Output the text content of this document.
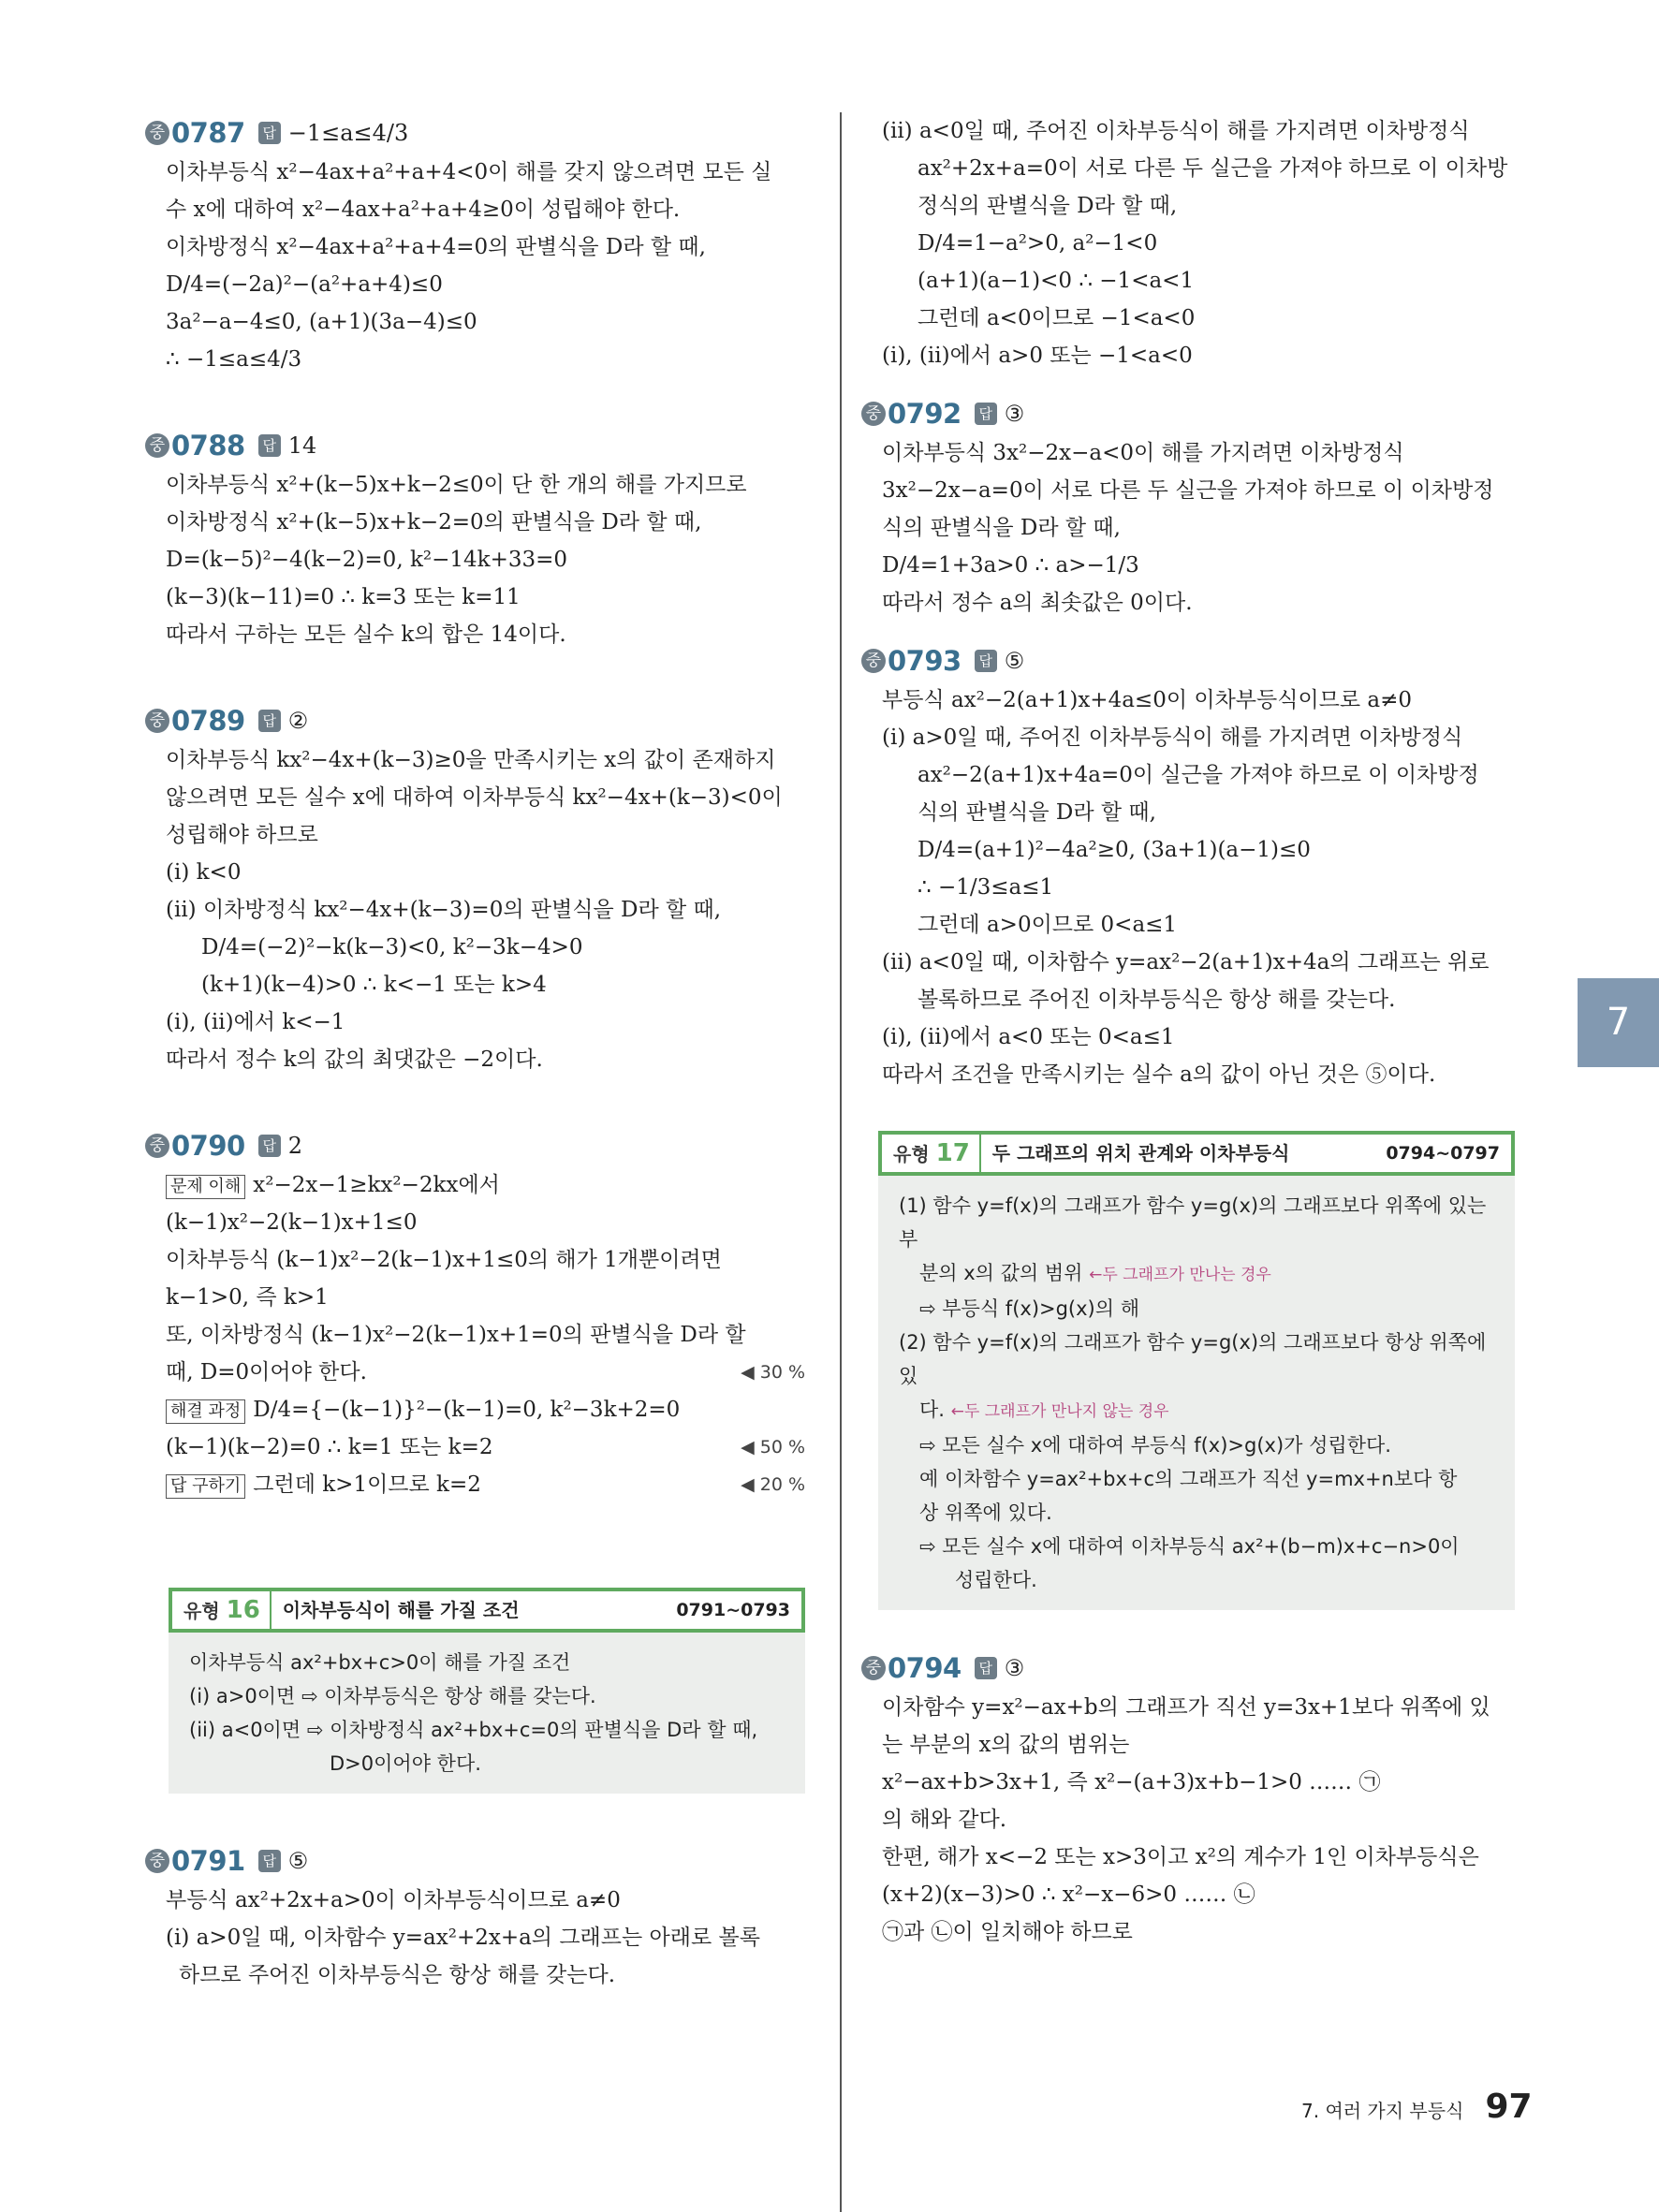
중 0787	답 −1≤a≤4/3
이차부등식 x²−4ax+a²+a+4<0이 해를 갖지 않으려면 모든 실
수 x에 대하여 x²−4ax+a²+a+4≥0이 성립해야 한다.
이차방정식 x²−4ax+a²+a+4=0의 판별식을 D라 할 때,
D/4=(−2a)²−(a²+a+4)≤0
3a²−a−4≤0, (a+1)(3a−4)≤0
∴ −1≤a≤4/3
중 0788	답 14
이차부등식 x²+(k−5)x+k−2≤0이 단 한 개의 해를 가지므로
이차방정식 x²+(k−5)x+k−2=0의 판별식을 D라 할 때,
D=(k−5)²−4(k−2)=0, k²−14k+33=0
(k−3)(k−11)=0 ∴ k=3 또는 k=11
따라서 구하는 모든 실수 k의 합은 14이다.
중 0789	답 ②
이차부등식 kx²−4x+(k−3)≥0을 만족시키는 x의 값이 존재하지
않으려면 모든 실수 x에 대하여 이차부등식 kx²−4x+(k−3)<0이
성립해야 하므로
(i) k<0
(ii) 이차방정식 kx²−4x+(k−3)=0의 판별식을 D라 할 때,
D/4=(−2)²−k(k−3)<0, k²−3k−4>0
(k+1)(k−4)>0 ∴ k<−1 또는 k>4
(i), (ii)에서 k<−1
따라서 정수 k의 값의 최댓값은 −2이다.
중 0790	답 2
문제 이해 x²−2x−1≥kx²−2kx에서
(k−1)x²−2(k−1)x+1≤0
이차부등식 (k−1)x²−2(k−1)x+1≤0의 해가 1개뿐이려면
k−1>0, 즉 k>1
또, 이차방정식 (k−1)x²−2(k−1)x+1=0의 판별식을 D라 할
때, D=0이어야 한다.	◀ 30 %
해결 과정 D/4={−(k−1)}²−(k−1)=0, k²−3k+2=0
(k−1)(k−2)=0 ∴ k=1 또는 k=2	◀ 50 %
답 구하기 그런데 k>1이므로 k=2	◀ 20 %
유형 16	이차부등식이 해를 가질 조건	0791~0793
이차부등식 ax²+bx+c>0이 해를 가질 조건
(i) a>0이면 ⇨ 이차부등식은 항상 해를 갖는다.
(ii) a<0이면 ⇨ 이차방정식 ax²+bx+c=0의 판별식을 D라 할 때,
D>0이어야 한다.
중 0791	답 ⑤
부등식 ax²+2x+a>0이 이차부등식이므로 a≠0
(i) a>0일 때, 이차함수 y=ax²+2x+a의 그래프는 아래로 볼록
하므로 주어진 이차부등식은 항상 해를 갖는다.
(ii) a<0일 때, 주어진 이차부등식이 해를 가지려면 이차방정식
ax²+2x+a=0이 서로 다른 두 실근을 가져야 하므로 이 이차방
정식의 판별식을 D라 할 때,
D/4=1−a²>0, a²−1<0
(a+1)(a−1)<0 ∴ −1<a<1
그런데 a<0이므로 −1<a<0
(i), (ii)에서 a>0 또는 −1<a<0
중 0792	답 ③
이차부등식 3x²−2x−a<0이 해를 가지려면 이차방정식
3x²−2x−a=0이 서로 다른 두 실근을 가져야 하므로 이 이차방정
식의 판별식을 D라 할 때,
D/4=1+3a>0 ∴ a>−1/3
따라서 정수 a의 최솟값은 0이다.
중 0793	답 ⑤
부등식 ax²−2(a+1)x+4a≤0이 이차부등식이므로 a≠0
(i) a>0일 때, 주어진 이차부등식이 해를 가지려면 이차방정식
ax²−2(a+1)x+4a=0이 실근을 가져야 하므로 이 이차방정
식의 판별식을 D라 할 때,
D/4=(a+1)²−4a²≥0, (3a+1)(a−1)≤0
∴ −1/3≤a≤1
그런데 a>0이므로 0<a≤1
(ii) a<0일 때, 이차함수 y=ax²−2(a+1)x+4a의 그래프는 위로
볼록하므로 주어진 이차부등식은 항상 해를 갖는다.
(i), (ii)에서 a<0 또는 0<a≤1
따라서 조건을 만족시키는 실수 a의 값이 아닌 것은 ⑤이다.
유형 17	두 그래프의 위치 관계와 이차부등식	0794~0797
(1) 함수 y=f(x)의 그래프가 함수 y=g(x)의 그래프보다 위쪽에 있는 부
분의 x의 값의 범위 ←두 그래프가 만나는 경우
⇨ 부등식 f(x)>g(x)의 해
(2) 함수 y=f(x)의 그래프가 함수 y=g(x)의 그래프보다 항상 위쪽에 있
다. ←두 그래프가 만나지 않는 경우
⇨ 모든 실수 x에 대하여 부등식 f(x)>g(x)가 성립한다.
예 이차함수 y=ax²+bx+c의 그래프가 직선 y=mx+n보다 항
상 위쪽에 있다.
⇨ 모든 실수 x에 대하여 이차부등식 ax²+(b−m)x+c−n>0이
성립한다.
중 0794	답 ③
이차함수 y=x²−ax+b의 그래프가 직선 y=3x+1보다 위쪽에 있
는 부분의 x의 값의 범위는
x²−ax+b>3x+1, 즉 x²−(a+3)x+b−1>0 …… ㉠
의 해와 같다.
한편, 해가 x<−2 또는 x>3이고 x²의 계수가 1인 이차부등식은
(x+2)(x−3)>0 ∴ x²−x−6>0 …… ㉡
㉠과 ㉡이 일치해야 하므로
7
7. 여러 가지 부등식 97
